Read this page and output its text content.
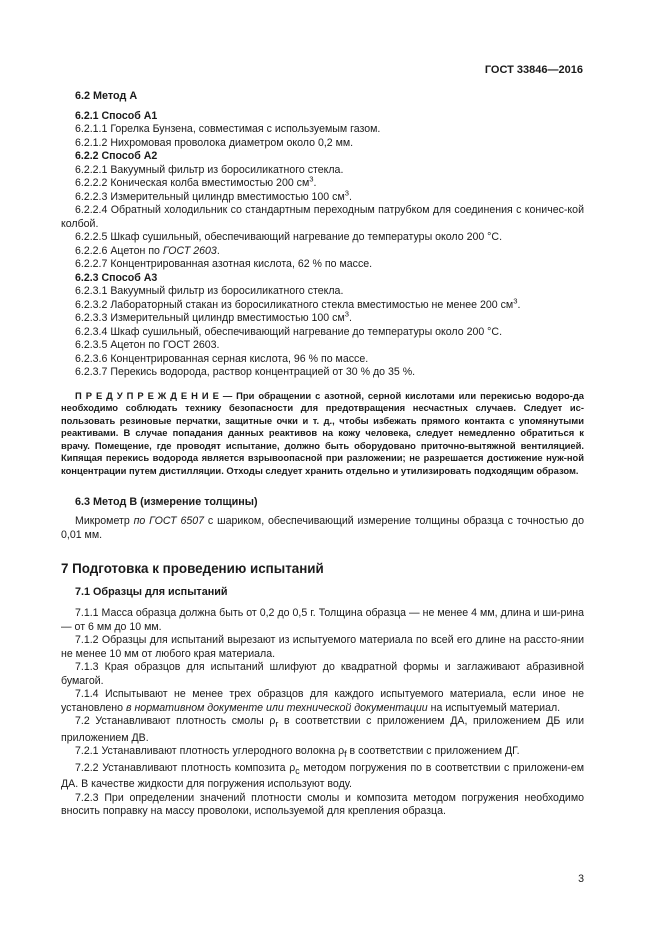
ГОСТ 33846—2016
6.2 Метод А
6.2.1 Способ А1
6.2.1.1 Горелка Бунзена, совместимая с используемым газом.
6.2.1.2 Нихромовая проволока диаметром около 0,2 мм.
6.2.2 Способ А2
6.2.2.1 Вакуумный фильтр из боросиликатного стекла.
6.2.2.2 Коническая колба вместимостью 200 $см^3$.
6.2.2.3 Измерительный цилиндр вместимостью 100 $см^3$.
6.2.2.4 Обратный холодильник со стандартным переходным патрубком для соединения с коничес-кой колбой.
6.2.2.5 Шкаф сушильный, обеспечивающий нагревание до температуры около 200 °С.
6.2.2.6 Ацетон по ГОСТ 2603.
6.2.2.7 Концентрированная азотная кислота, 62 % по массе.
6.2.3 Способ А3
6.2.3.1 Вакуумный фильтр из боросиликатного стекла.
6.2.3.2 Лабораторный стакан из боросиликатного стекла вместимостью не менее 200 $см^3$.
6.2.3.3 Измерительный цилиндр вместимостью 100 $см^3$.
6.2.3.4 Шкаф сушильный, обеспечивающий нагревание до температуры около 200 °С.
6.2.3.5 Ацетон по ГОСТ 2603.
6.2.3.6 Концентрированная серная кислота, 96 % по массе.
6.2.3.7 Перекись водорода, раствор концентрацией от 30 % до 35 %.
П Р Е Д У П Р Е Ж Д Е Н И Е — При обращении с азотной, серной кислотами или перекисью водоро-да необходимо соблюдать технику безопасности для предотвращения несчастных случаев. Следует ис-пользовать резиновые перчатки, защитные очки и т. д., чтобы избежать прямого контакта с упомянутыми реактивами. В случае попадания данных реактивов на кожу человека, следует немедленно обратиться к врачу. Помещение, где проводят испытание, должно быть оборудовано приточно-вытяжной вентиляцией. Кипящая перекись водорода является взрывоопасной при разложении; не разрешается достижение нуж-ной концентрации путем дистилляции. Отходы следует хранить отдельно и утилизировать подходящим образом.
6.3 Метод В (измерение толщины)
Микрометр по ГОСТ 6507 с шариком, обеспечивающий измерение толщины образца с точностью до 0,01 мм.
7 Подготовка к проведению испытаний
7.1 Образцы для испытаний
7.1.1 Масса образца должна быть от 0,2 до 0,5 г. Толщина образца — не менее 4 мм, длина и ши-рина — от 6 мм до 10 мм.
7.1.2 Образцы для испытаний вырезают из испытуемого материала по всей его длине на рассто-янии не менее 10 мм от любого края материала.
7.1.3 Края образцов для испытаний шлифуют до квадратной формы и заглаживают абразивной бумагой.
7.1.4 Испытывают не менее трех образцов для каждого испытуемого материала, если иное не установлено в нормативном документе или технической документации на испытуемый материал.
7.2 Устанавливают плотность смолы $\rho_r$ в соответствии с приложением ДА, приложением ДБ или приложением ДВ.
7.2.1 Устанавливают плотность углеродного волокна $\rho_f$ в соответствии с приложением ДГ.
7.2.2 Устанавливают плотность композита $\rho_c$ методом погружения по в соответствии с приложени-ем ДА. В качестве жидкости для погружения используют воду.
7.2.3 При определении значений плотности смолы и композита методом погружения необходимо вносить поправку на массу проволоки, используемой для крепления образца.
3
